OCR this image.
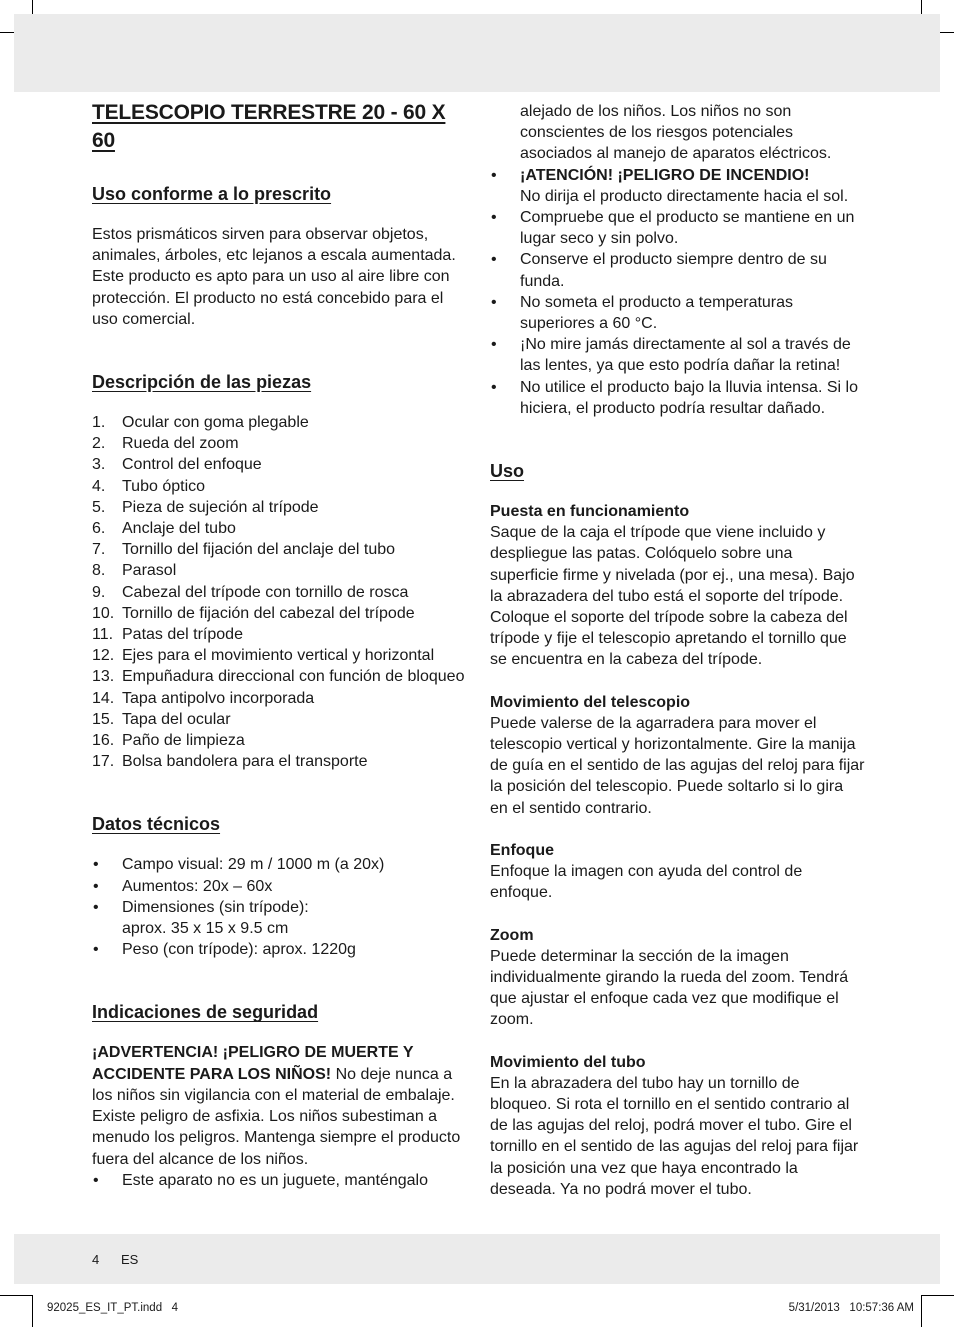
TELESCOPIO TERRESTRE 20 - 60 X 60
Uso conforme a lo prescrito

Estos prismáticos sirven para observar objetos, animales, árboles, etc lejanos a escala aumentada. Este producto es apto para un uso al aire libre con protección. El producto no está concebido para el uso comercial.

Descripción de las piezas
1. Ocular con goma plegable
2. Rueda del zoom
3. Control del enfoque
4. Tubo óptico
5. Pieza de sujeción al trípode
6. Anclaje del tubo
7. Tornillo del fijación del anclaje del tubo
8. Parasol
9. Cabezal del trípode con tornillo de rosca
10. Tornillo de fijación del cabezal del trípode
11. Patas del trípode
12. Ejes para el movimiento vertical y horizontal
13. Empuñadura direccional con función de bloqueo
14. Tapa antipolvo incorporada
15. Tapa del ocular
16. Paño de limpieza
17. Bolsa bandolera para el transporte
Datos técnicos
• Campo visual: 29 m / 1000 m (a 20x)
• Aumentos: 20x – 60x
• Dimensiones (sin trípode):
aprox. 35 x 15 x 9.5 cm
• Peso (con trípode): aprox. 1220g
Indicaciones de seguridad

¡ADVERTENCIA! ¡PELIGRO DE MUERTE Y ACCIDENTE PARA LOS NIÑOS! No deje nunca a los niños sin vigilancia con el material de embalaje. Existe peligro de asfixia. Los niños subestiman a menudo los peligros. Mantenga siempre el producto fuera del alcance de los niños.

• Este aparato no es un juguete, manténgalo

alejado de los niños. Los niños no son conscientes de los riesgos potenciales asociados al manejo de aparatos eléctricos.

• ¡ATENCIÓN! ¡PELIGRO DE INCENDIO!
No dirija el producto directamente hacia el sol.
• Compruebe que el producto se mantiene en un lugar seco y sin polvo.
• Conserve el producto siempre dentro de su funda.
• No someta el producto a temperaturas superiores a 60 °C.
• ¡No mire jamás directamente al sol a través de las lentes, ya que esto podría dañar la retina!
• No utilice el producto bajo la lluvia intensa. Si lo hiciera, el producto podría resultar dañado.
Uso
Puesta en funcionamiento

Saque de la caja el trípode que viene incluido y despliegue las patas. Colóquelo sobre una superficie firme y nivelada (por ej., una mesa). Bajo la abrazadera del tubo está el soporte del trípode. Coloque el soporte del trípode sobre la cabeza del trípode y fije el telescopio apretando el tornillo que se encuentra en la cabeza del trípode.

Movimiento del telescopio

Puede valerse de la agarradera para mover el telescopio vertical y horizontalmente. Gire la manija de guía en el sentido de las agujas del reloj para fijar la posición del telescopio. Puede soltarlo si lo gira en el sentido contrario.

Enfoque

Enfoque la imagen con ayuda del control de enfoque.

Zoom

Puede determinar la sección de la imagen individualmente girando la rueda del zoom. Tendrá que ajustar el enfoque cada vez que modifique el zoom.

Movimiento del tubo

En la abrazadera del tubo hay un tornillo de bloqueo. Si rota el tornillo en el sentido contrario al de las agujas del reloj, podrá mover el tubo. Gire el tornillo en el sentido de las agujas del reloj para fijar la posición una vez que haya encontrado la deseada. Ya no podrá mover el tubo.

4 ES
92025_ES_IT_PT.indd   4	5/31/2013   10:57:36 AM
